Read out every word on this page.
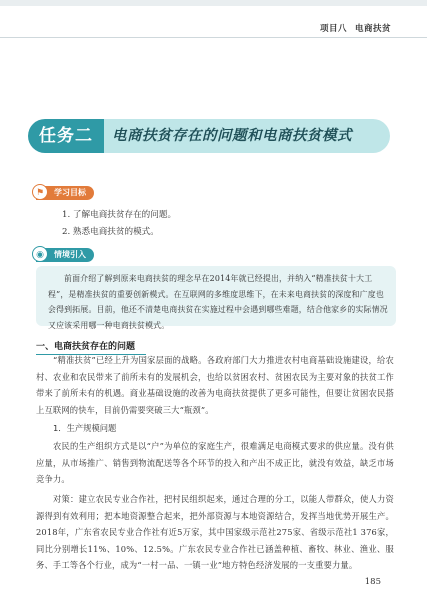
项目八 电商扶贫
任务二	电商扶贫存在的问题和电商扶贫模式
⚑	学习目标
1. 了解电商扶贫存在的问题。
2. 熟悉电商扶贫的模式。
◉	情境引入
前面介绍了解到原来电商扶贫的理念早在2014年就已经提出，并纳入“精准扶贫十大工程”，是精准扶贫的重要创新模式。在互联网的多维度思维下，在未来电商扶贫的深度和广度也会得到拓展。目前，他还不清楚电商扶贫在实施过程中会遇到哪些难题，结合他家乡的实际情况又应该采用哪一种电商扶贫模式。
一、电商扶贫存在的问题
“精准扶贫”已经上升为国家层面的战略。各政府部门大力推进农村电商基础设施建设，给农村、农业和农民带来了前所未有的发展机会，也给以贫困农村、贫困农民为主要对象的扶贫工作带来了前所未有的机遇。商业基础设施的改善为电商扶贫提供了更多可能性，但要让贫困农民搭上互联网的快车，目前仍需要突破三大“瓶颈”。
1．生产规模问题
农民的生产组织方式是以“户”为单位的家庭生产，很难满足电商模式要求的供应量。没有供应量，从市场推广、销售到物流配送等各个环节的投入和产出不成正比，就没有效益，缺乏市场竞争力。
对策：建立农民专业合作社，把村民组织起来，通过合理的分工，以能人带群众，使人力资源得到有效利用；把本地资源整合起来，把外部资源与本地资源结合，发挥当地优势开展生产。2018年，广东省农民专业合作社有近5万家，其中国家级示范社275家、省级示范社1 376家，同比分别增长11%、10%、12.5%。广东农民专业合作社已涵盖种植、畜牧、林业、渔业、服务、手工等各个行业，成为“一村一品、一镇一业”地方特色经济发展的一支重要力量。
185
